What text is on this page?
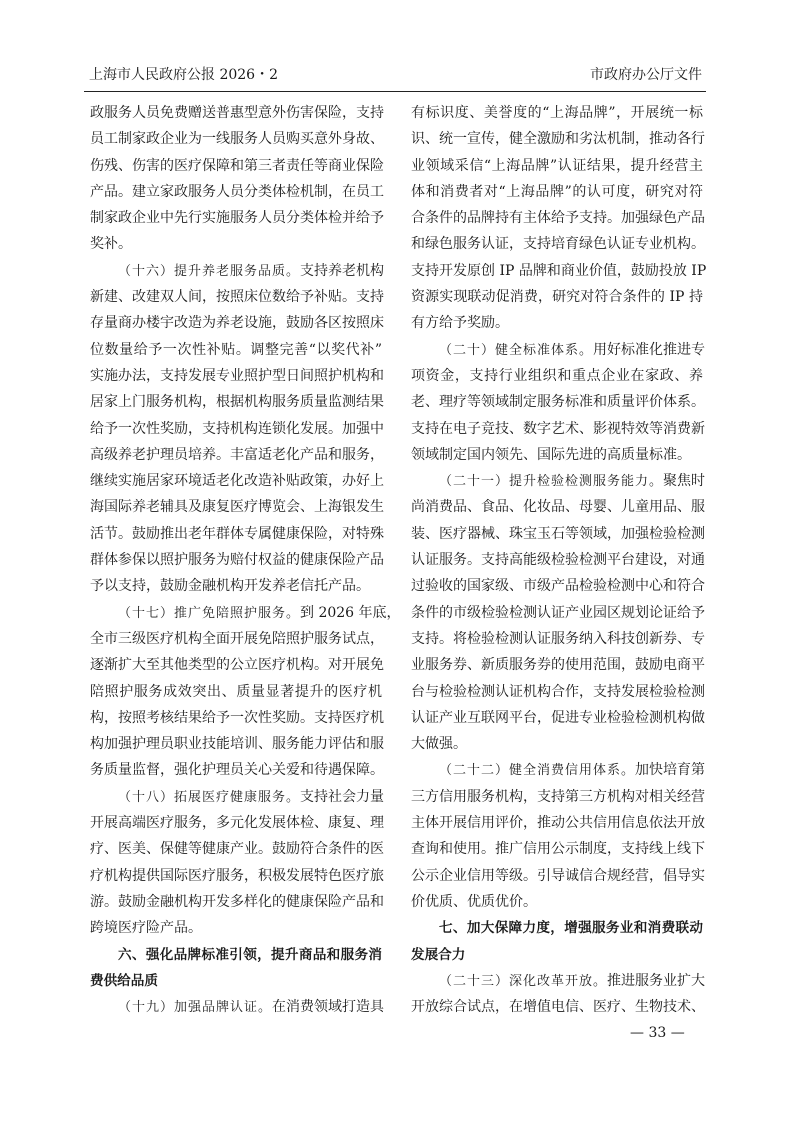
上海市人民政府公报 2026・2	市政府办公厅文件
政服务人员免费赠送普惠型意外伤害保险，支持
员工制家政企业为一线服务人员购买意外身故、
伤残、伤害的医疗保障和第三者责任等商业保险
产品。建立家政服务人员分类体检机制，在员工
制家政企业中先行实施服务人员分类体检并给予
奖补。
（十六）提升养老服务品质。支持养老机构
新建、改建双人间，按照床位数给予补贴。支持
存量商办楼宇改造为养老设施，鼓励各区按照床
位数量给予一次性补贴。调整完善“以奖代补”
实施办法，支持发展专业照护型日间照护机构和
居家上门服务机构，根据机构服务质量监测结果
给予一次性奖励，支持机构连锁化发展。加强中
高级养老护理员培养。丰富适老化产品和服务，
继续实施居家环境适老化改造补贴政策，办好上
海国际养老辅具及康复医疗博览会、上海银发生
活节。鼓励推出老年群体专属健康保险，对特殊
群体参保以照护服务为赔付权益的健康保险产品
予以支持，鼓励金融机构开发养老信托产品。
（十七）推广免陪照护服务。到 2026 年底，
全市三级医疗机构全面开展免陪照护服务试点，
逐渐扩大至其他类型的公立医疗机构。对开展免
陪照护服务成效突出、质量显著提升的医疗机
构，按照考核结果给予一次性奖励。支持医疗机
构加强护理员职业技能培训、服务能力评估和服
务质量监督，强化护理员关心关爱和待遇保障。
（十八）拓展医疗健康服务。支持社会力量
开展高端医疗服务，多元化发展体检、康复、理
疗、医美、保健等健康产业。鼓励符合条件的医
疗机构提供国际医疗服务，积极发展特色医疗旅
游。鼓励金融机构开发多样化的健康保险产品和
跨境医疗险产品。
六、强化品牌标准引领，提升商品和服务消
费供给品质
（十九）加强品牌认证。在消费领域打造具
有标识度、美誉度的“上海品牌”，开展统一标
识、统一宣传，健全激励和劣汰机制，推动各行
业领域采信“上海品牌”认证结果，提升经营主
体和消费者对“上海品牌”的认可度，研究对符
合条件的品牌持有主体给予支持。加强绿色产品
和绿色服务认证，支持培育绿色认证专业机构。
支持开发原创 IP 品牌和商业价值，鼓励投放 IP
资源实现联动促消费，研究对符合条件的 IP 持
有方给予奖励。
（二十）健全标准体系。用好标准化推进专
项资金，支持行业组织和重点企业在家政、养
老、理疗等领域制定服务标准和质量评价体系。
支持在电子竞技、数字艺术、影视特效等消费新
领域制定国内领先、国际先进的高质量标准。
（二十一）提升检验检测服务能力。聚焦时
尚消费品、食品、化妆品、母婴、儿童用品、服
装、医疗器械、珠宝玉石等领域，加强检验检测
认证服务。支持高能级检验检测平台建设，对通
过验收的国家级、市级产品检验检测中心和符合
条件的市级检验检测认证产业园区规划论证给予
支持。将检验检测认证服务纳入科技创新券、专
业服务券、新质服务券的使用范围，鼓励电商平
台与检验检测认证机构合作，支持发展检验检测
认证产业互联网平台，促进专业检验检测机构做
大做强。
（二十二）健全消费信用体系。加快培育第
三方信用服务机构，支持第三方机构对相关经营
主体开展信用评价，推动公共信用信息依法开放
查询和使用。推广信用公示制度，支持线上线下
公示企业信用等级。引导诚信合规经营，倡导实
价优质、优质优价。
七、加大保障力度，增强服务业和消费联动
发展合力
（二十三）深化改革开放。推进服务业扩大
开放综合试点，在增值电信、医疗、生物技术、
— 33 —
